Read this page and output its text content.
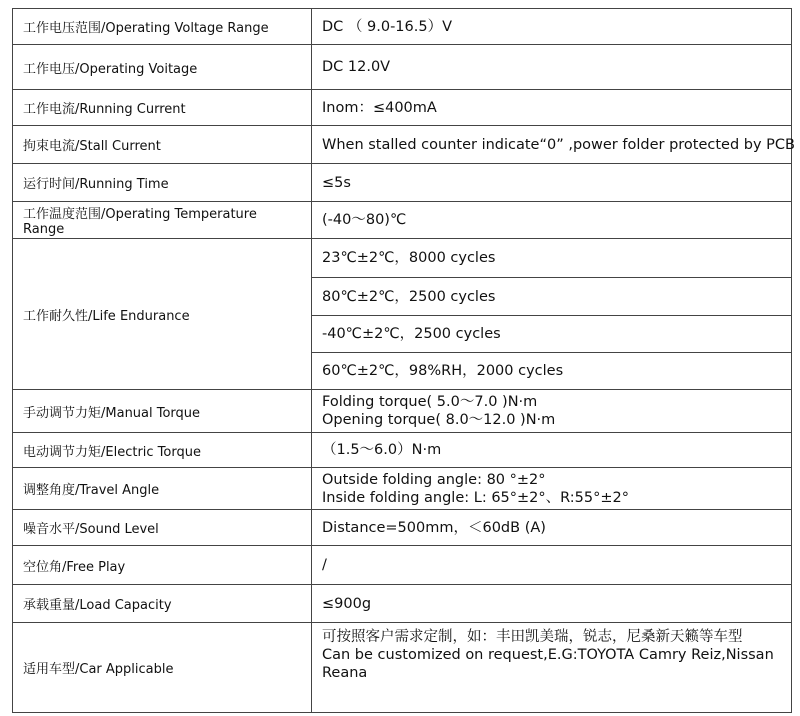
工作电压范围/Operating Voltage Range	DC （ 9.0-16.5）V

工作电压/Operating Voitage	DC 12.0V

工作电流/Running Current	Inom：≤400mA

拘束电流/Stall Current	When stalled counter indicate“0” ,power folder protected by PCB

运行时间/Running Time	≤5s

工作温度范围/Operating Temperature Range	(-40～80)℃

工作耐久性/Life Endurance	23℃±2℃，8000 cycles

	80℃±2℃，2500 cycles

	-40℃±2℃，2500 cycles

	60℃±2℃，98%RH，2000 cycles

手动调节力矩/Manual Torque	Folding torque( 5.0～7.0 )N·m
Opening torque( 8.0～12.0 )N·m

电动调节力矩/Electric Torque	（1.5～6.0）N·m

调整角度/Travel Angle	Outside folding angle: 80 °±2°
Inside folding angle: L: 65°±2°、R:55°±2°

噪音水平/Sound Level	Distance=500mm，＜60dB (A)

空位角/Free Play	/

承载重量/Load Capacity	≤900g

适用车型/Car Applicable	可按照客户需求定制，如：丰田凯美瑞，锐志，尼桑新天籁等车型
Can be customized on request,E.G:TOYOTA Camry Reiz,Nissan
Reana
